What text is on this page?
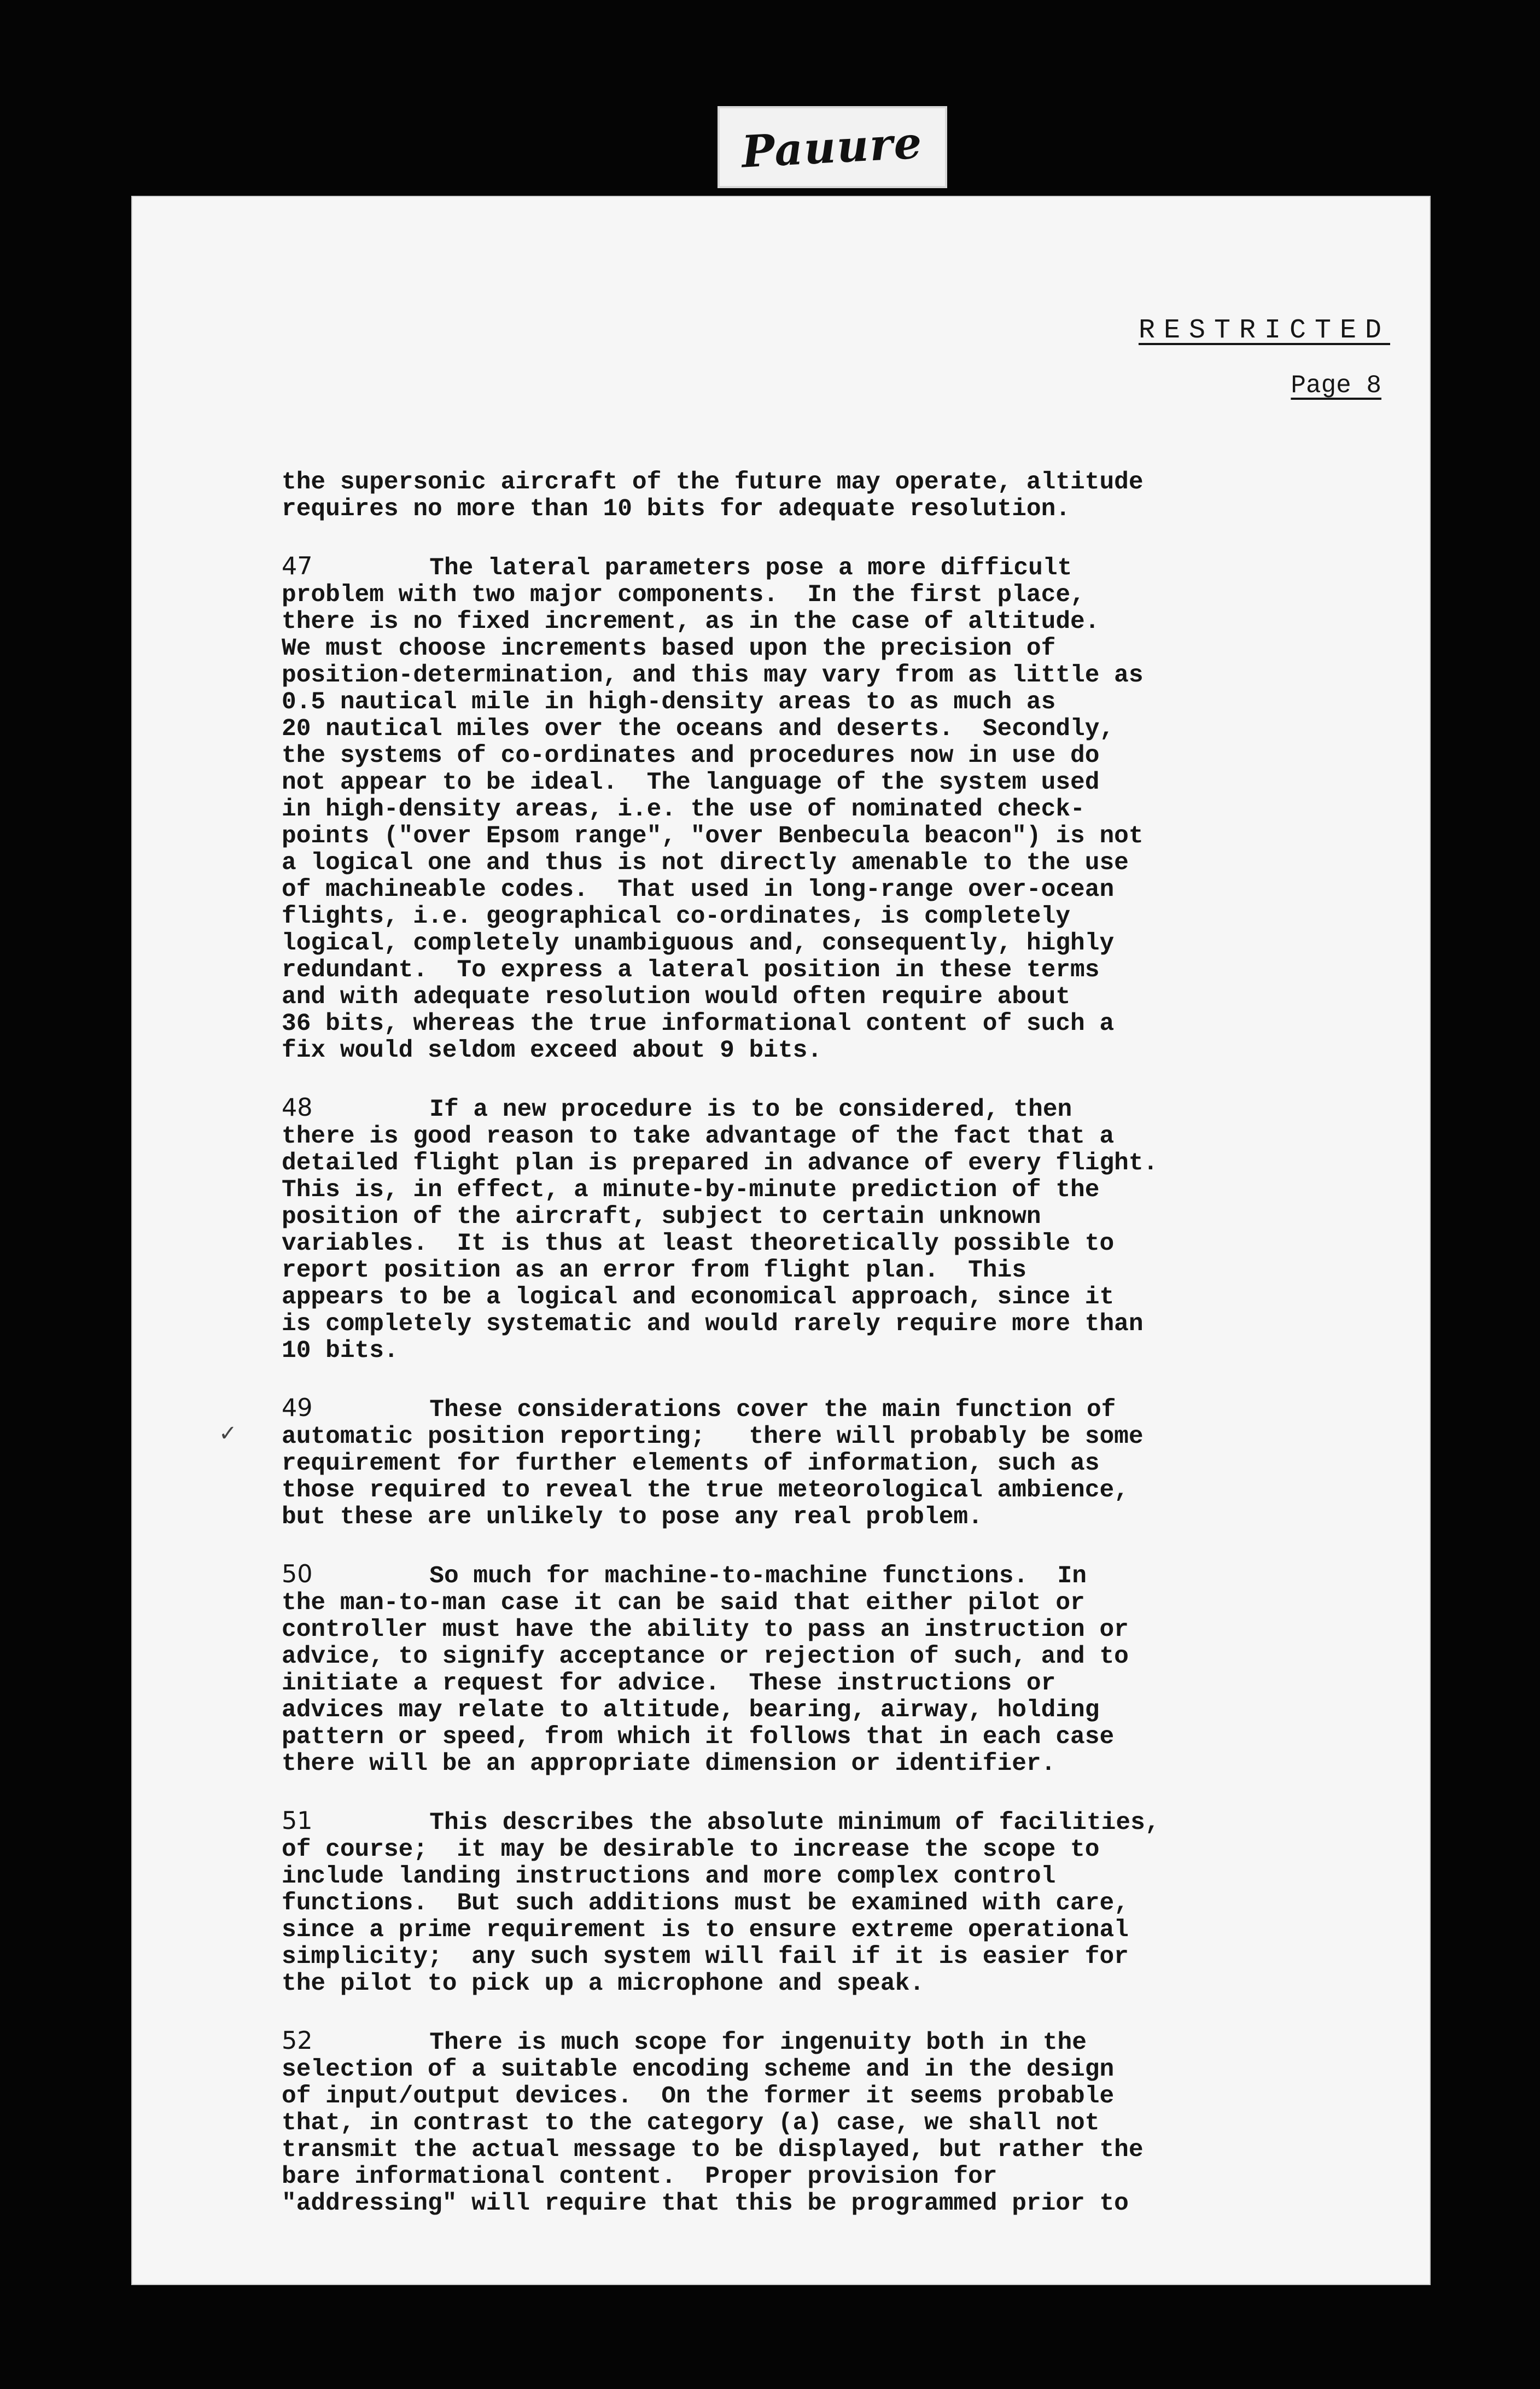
Pauure
RESTRICTED
Page 8
the supersonic aircraft of the future may operate, altitude
requires no more than 10 bits for adequate resolution.
47        The lateral parameters pose a more difficult
problem with two major components.  In the first place,
there is no fixed increment, as in the case of altitude.
We must choose increments based upon the precision of
position-determination, and this may vary from as little as
0.5 nautical mile in high-density areas to as much as
20 nautical miles over the oceans and deserts.  Secondly,
the systems of co-ordinates and procedures now in use do
not appear to be ideal.  The language of the system used
in high-density areas, i.e. the use of nominated check-
points ("over Epsom range", "over Benbecula beacon") is not
a logical one and thus is not directly amenable to the use
of machineable codes.  That used in long-range over-ocean
flights, i.e. geographical co-ordinates, is completely
logical, completely unambiguous and, consequently, highly
redundant.  To express a lateral position in these terms
and with adequate resolution would often require about
36 bits, whereas the true informational content of such a
fix would seldom exceed about 9 bits.
48        If a new procedure is to be considered, then
there is good reason to take advantage of the fact that a
detailed flight plan is prepared in advance of every flight.
This is, in effect, a minute-by-minute prediction of the
position of the aircraft, subject to certain unknown
variables.  It is thus at least theoretically possible to
report position as an error from flight plan.  This
appears to be a logical and economical approach, since it
is completely systematic and would rarely require more than
10 bits.
49        These considerations cover the main function of
automatic position reporting;   there will probably be some
requirement for further elements of information, such as
those required to reveal the true meteorological ambience,
but these are unlikely to pose any real problem.
50        So much for machine-to-machine functions.  In
the man-to-man case it can be said that either pilot or
controller must have the ability to pass an instruction or
advice, to signify acceptance or rejection of such, and to
initiate a request for advice.  These instructions or
advices may relate to altitude, bearing, airway, holding
pattern or speed, from which it follows that in each case
there will be an appropriate dimension or identifier.
51        This describes the absolute minimum of facilities,
of course;  it may be desirable to increase the scope to
include landing instructions and more complex control
functions.  But such additions must be examined with care,
since a prime requirement is to ensure extreme operational
simplicity;  any such system will fail if it is easier for
the pilot to pick up a microphone and speak.
52        There is much scope for ingenuity both in the
selection of a suitable encoding scheme and in the design
of input/output devices.  On the former it seems probable
that, in contrast to the category (a) case, we shall not
transmit the actual message to be displayed, but rather the
bare informational content.  Proper provision for
"addressing" will require that this be programmed prior to
✓
